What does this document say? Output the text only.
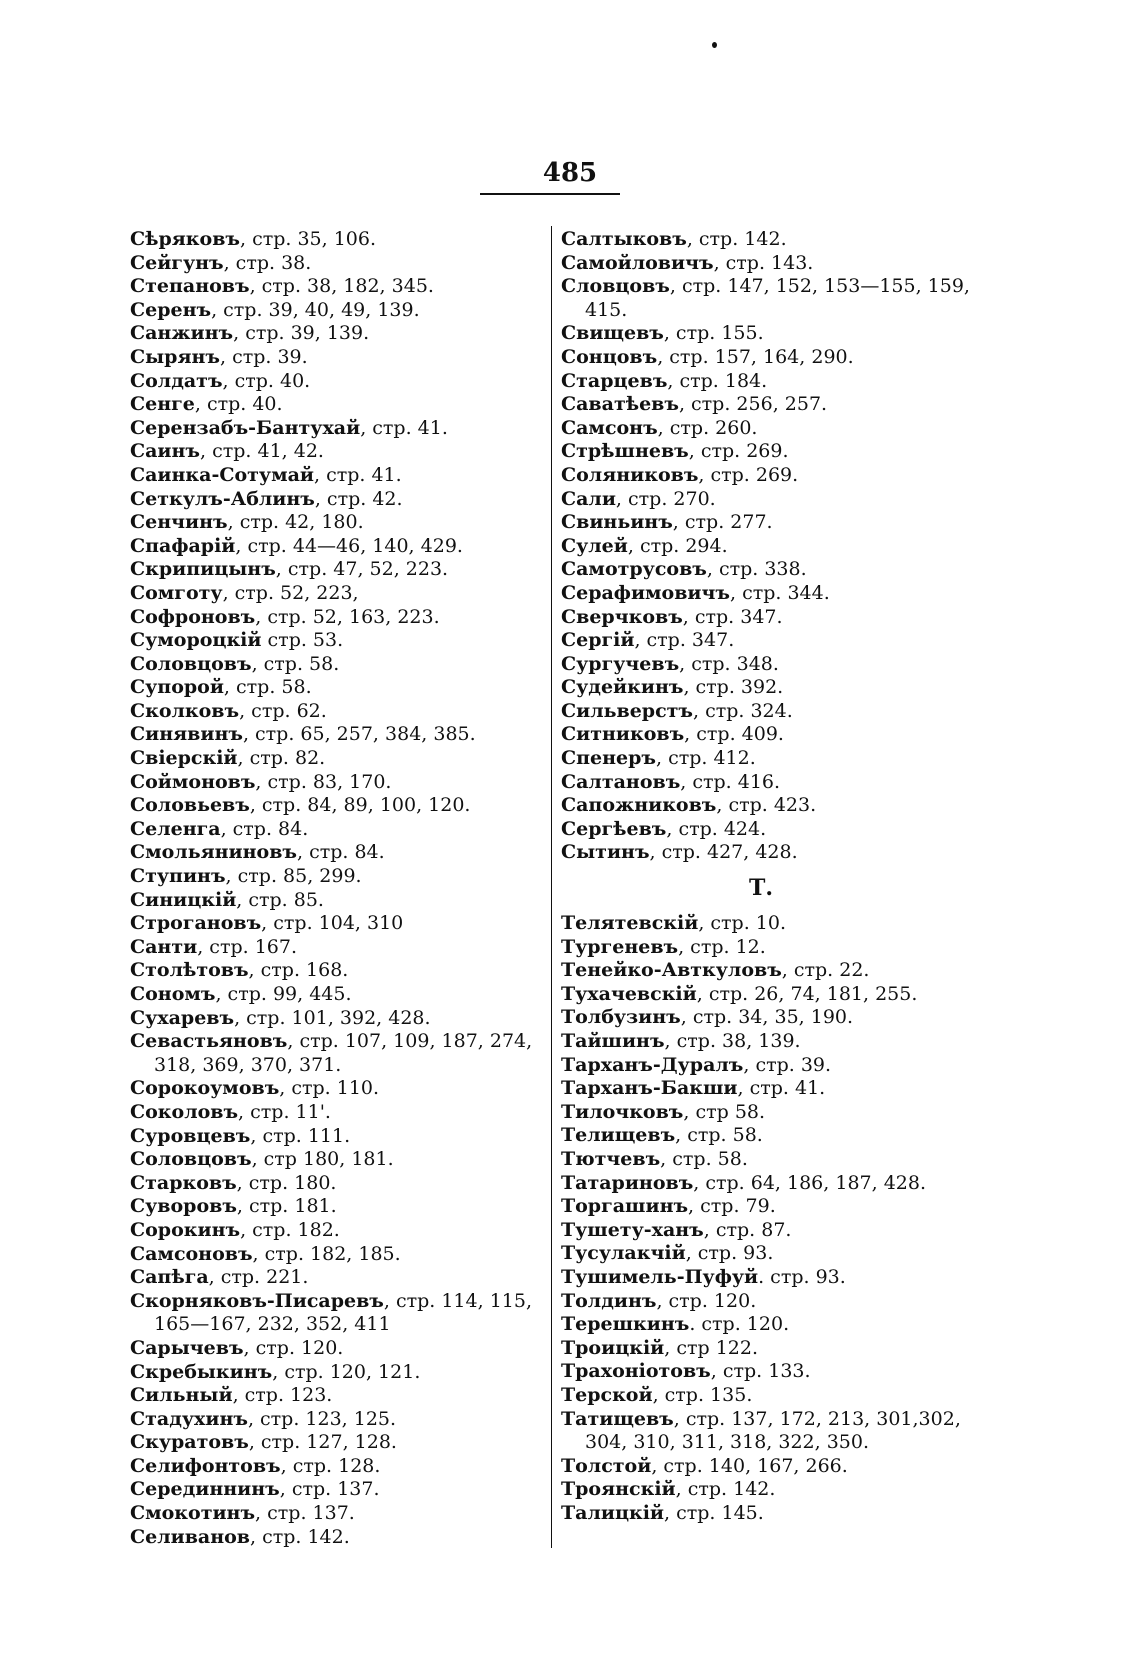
485
Сѣряковъ, стр. 35, 106.
Сейгунъ, стр. 38.
Степановъ, стр. 38, 182, 345.
Серенъ, стр. 39, 40, 49, 139.
Санжинъ, стр. 39, 139.
Сырянъ, стр. 39.
Солдатъ, стр. 40.
Сенге, стр. 40.
Серензабъ-Бантухай, стр. 41.
Саинъ, стр. 41, 42.
Саинка-Сотумай, стр. 41.
Сеткулъ-Аблинъ, стр. 42.
Сенчинъ, стр. 42, 180.
Спафарій, стр. 44—46, 140, 429.
Скрипицынъ, стр. 47, 52, 223.
Сомготу, стр. 52, 223,
Софроновъ, стр. 52, 163, 223.
Сумороцкій стр. 53.
Соловцовъ, стр. 58.
Супорой, стр. 58.
Сколковъ, стр. 62.
Синявинъ, стр. 65, 257, 384, 385.
Свіерскій, стр. 82.
Соймоновъ, стр. 83, 170.
Соловьевъ, стр. 84, 89, 100, 120.
Селенга, стр. 84.
Смольяниновъ, стр. 84.
Ступинъ, стр. 85, 299.
Синицкій, стр. 85.
Строгановъ, стр. 104, 310
Санти, стр. 167.
Столѣтовъ, стр. 168.
Сономъ, стр. 99, 445.
Сухаревъ, стр. 101, 392, 428.
Севастьяновъ, стр. 107, 109, 187, 274,
318, 369, 370, 371.
Сорокоумовъ, стр. 110.
Соколовъ, стр. 11'.
Суровцевъ, стр. 111.
Соловцовъ, стр 180, 181.
Старковъ, стр. 180.
Суворовъ, стр. 181.
Сорокинъ, стр. 182.
Самсоновъ, стр. 182, 185.
Сапѣга, стр. 221.
Скорняковъ-Писаревъ, стр. 114, 115,
165—167, 232, 352, 411
Сарычевъ, стр. 120.
Скребыкинъ, стр. 120, 121.
Сильный, стр. 123.
Стадухинъ, стр. 123, 125.
Скуратовъ, стр. 127, 128.
Селифонтовъ, стр. 128.
Серединнинъ, стр. 137.
Смокотинъ, стр. 137.
Селиванов, стр. 142.
Салтыковъ, стр. 142.
Самойловичъ, стр. 143.
Словцовъ, стр. 147, 152, 153—155, 159,
415.
Свищевъ, стр. 155.
Сонцовъ, стр. 157, 164, 290.
Старцевъ, стр. 184.
Саватѣевъ, стр. 256, 257.
Самсонъ, стр. 260.
Стрѣшневъ, стр. 269.
Соляниковъ, стр. 269.
Сали, стр. 270.
Свиньинъ, стр. 277.
Сулей, стр. 294.
Самотрусовъ, стр. 338.
Серафимовичъ, стр. 344.
Сверчковъ, стр. 347.
Сергій, стр. 347.
Сургучевъ, стр. 348.
Судейкинъ, стр. 392.
Сильверстъ, стр. 324.
Ситниковъ, стр. 409.
Спенеръ, стр. 412.
Салтановъ, стр. 416.
Сапожниковъ, стр. 423.
Сергѣевъ, стр. 424.
Сытинъ, стр. 427, 428.
Т.
Телятевскій, стр. 10.
Тургеневъ, стр. 12.
Тенейко-Авткуловъ, стр. 22.
Тухачевскій, стр. 26, 74, 181, 255.
Толбузинъ, стр. 34, 35, 190.
Тайшинъ, стр. 38, 139.
Тарханъ-Дуралъ, стр. 39.
Тарханъ-Бакши, стр. 41.
Тилочковъ, стр 58.
Телищевъ, стр. 58.
Тютчевъ, стр. 58.
Татариновъ, стр. 64, 186, 187, 428.
Торгашинъ, стр. 79.
Тушету-ханъ, стр. 87.
Тусулакчій, стр. 93.
Тушимель-Пуфуй. стр. 93.
Толдинъ, стр. 120.
Терешкинъ. стр. 120.
Троицкій, стр 122.
Трахоніотовъ, стр. 133.
Терской, стр. 135.
Татищевъ, стр. 137, 172, 213, 301,302,
304, 310, 311, 318, 322, 350.
Толстой, стр. 140, 167, 266.
Троянскій, стр. 142.
Талицкій, стр. 145.
